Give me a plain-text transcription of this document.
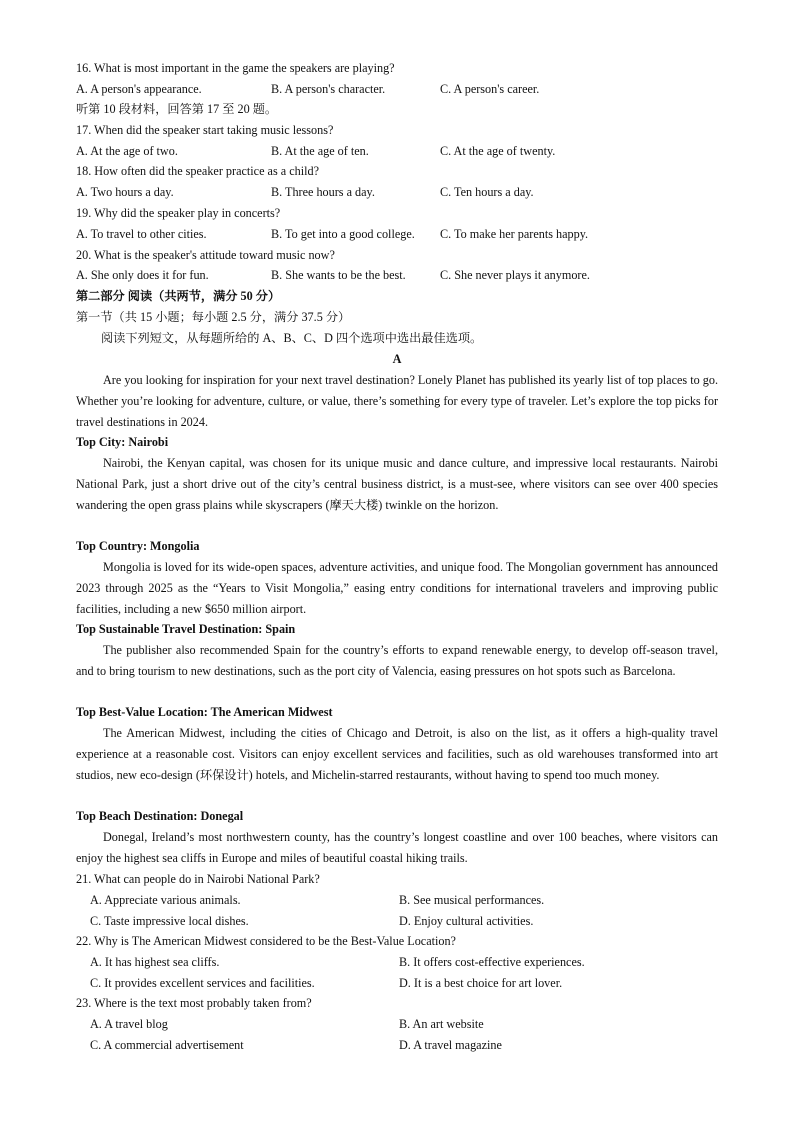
16. What is most important in the game the speakers are playing?
A. A person's appearance.	B. A person's character.	C. A person's career.
听第 10 段材料，回答第 17 至 20 题。
17. When did the speaker start taking music lessons?
A. At the age of two.	B. At the age of ten.	C. At the age of twenty.
18. How often did the speaker practice as a child?
A. Two hours a day.	B. Three hours a day.	C. Ten hours a day.
19. Why did the speaker play in concerts?
A. To travel to other cities.	B. To get into a good college. C. To make her parents happy.
20. What is the speaker's attitude toward music now?
A. She only does it for fun.	B. She wants to be the best.	C. She never plays it anymore.
第二部分 阅读（共两节，满分 50 分）
第一节（共 15 小题；每小题 2.5 分，满分 37.5 分）
阅读下列短文，从每题所给的 A、B、C、D 四个选项中选出最佳选项。
A
Are you looking for inspiration for your next travel destination? Lonely Planet has published its yearly list of top places to go. Whether you’re looking for adventure, culture, or value, there’s something for every type of traveler. Let’s explore the top picks for travel destinations in 2024.
Top City: Nairobi
Nairobi, the Kenyan capital, was chosen for its unique music and dance culture, and impressive local restaurants. Nairobi National Park, just a short drive out of the city’s central business district, is a must-see, where visitors can see over 400 species wandering the open grass plains while skyscrapers (摩天大楼) twinkle on the horizon.
Top Country: Mongolia
Mongolia is loved for its wide-open spaces, adventure activities, and unique food. The Mongolian government has announced 2023 through 2025 as the “Years to Visit Mongolia,” easing entry conditions for international travelers and improving public facilities, including a new $650 million airport.
Top Sustainable Travel Destination: Spain
The publisher also recommended Spain for the country’s efforts to expand renewable energy, to develop off-season travel, and to bring tourism to new destinations, such as the port city of Valencia, easing pressures on hot spots such as Barcelona.
Top Best-Value Location: The American Midwest
The American Midwest, including the cities of Chicago and Detroit, is also on the list, as it offers a high-quality travel experience at a reasonable cost. Visitors can enjoy excellent services and facilities, such as old warehouses transformed into art studios, new eco-design (环保设计) hotels, and Michelin-starred restaurants, without having to spend too much money.
Top Beach Destination: Donegal
Donegal, Ireland’s most northwestern county, has the country’s longest coastline and over 100 beaches, where visitors can enjoy the highest sea cliffs in Europe and miles of beautiful coastal hiking trails.
21. What can people do in Nairobi National Park?
A. Appreciate various animals.	B. See musical performances.
C. Taste impressive local dishes.	D. Enjoy cultural activities.
22. Why is The American Midwest considered to be the Best-Value Location?
A. It has highest sea cliffs.	B. It offers cost-effective experiences.
C. It provides excellent services and facilities.	D. It is a best choice for art lover.
23. Where is the text most probably taken from?
A. A travel blog	B. An art website
C. A commercial advertisement	D. A travel magazine
